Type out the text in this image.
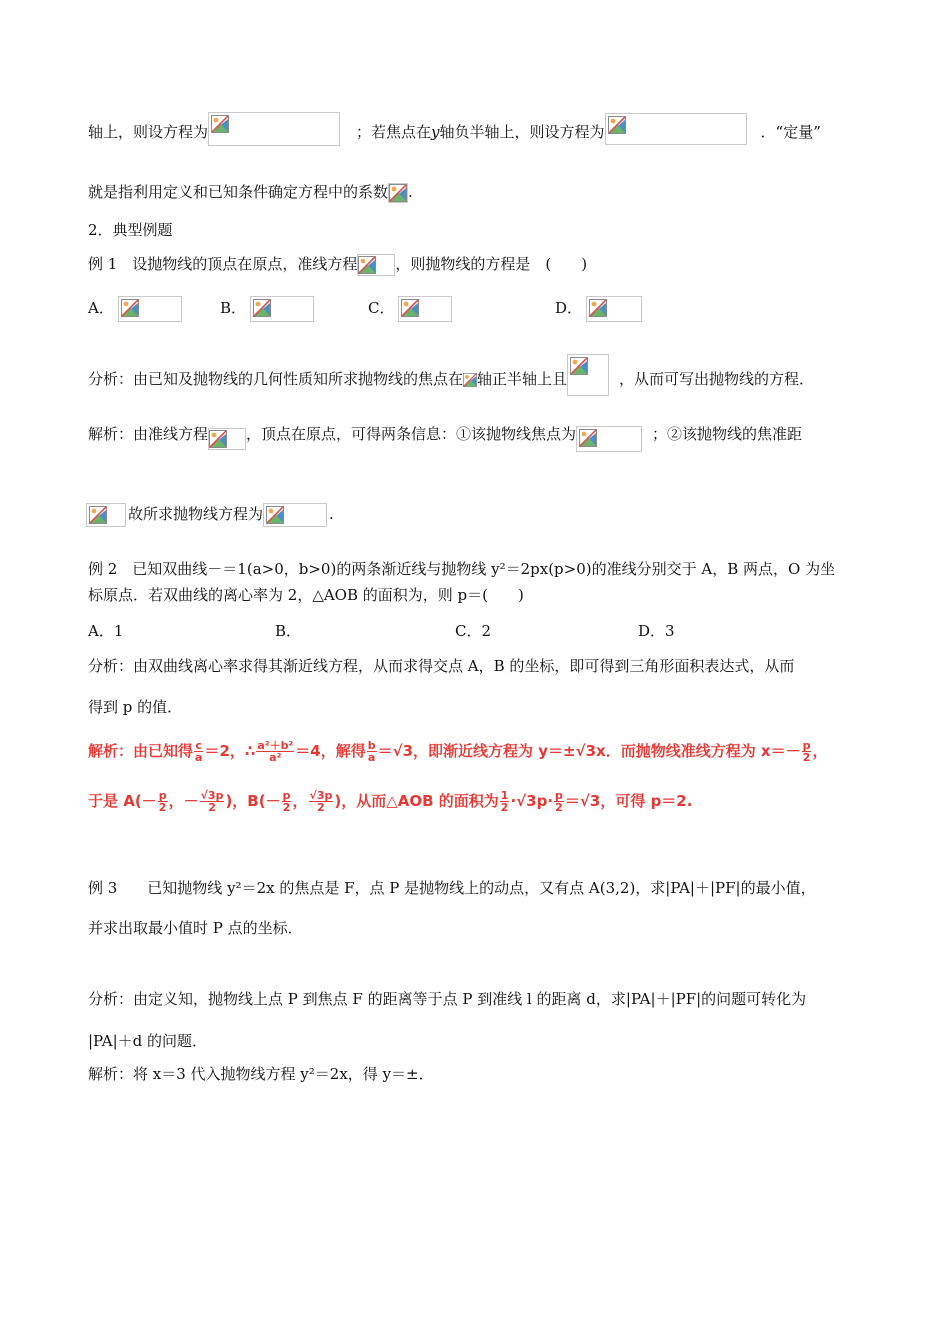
轴上，则设方程为	；若焦点在y轴负半轴上，则设方程为	．“定量”
就是指利用定义和已知条件确定方程中的系数 .
2．典型例题
例 1　设抛物线的顶点在原点，准线方程	，则抛物线的方程是　(　　)
A．	B．	C．	D．
分析：由已知及抛物线的几何性质知所求抛物线的焦点在 轴正半轴上且	，从而可写出抛物线的方程．
解析：由准线方程	，顶点在原点，可得两条信息：①该抛物线焦点为	；②该抛物线的焦准距
故所求抛物线方程为	.
例 2　已知双曲线－＝1(a>0，b>0)的两条渐近线与抛物线 y²＝2px(p>0)的准线分别交于 A，B 两点，O 为坐
标原点．若双曲线的离心率为 2，△AOB 的面积为，则 p＝(　　)
A．1	B．	C．2	D．3
分析：由双曲线离心率求得其渐近线方程，从而求得交点 A，B 的坐标，即可得到三角形面积表达式，从而
得到 p 的值．
解析：由已知得 $\frac{c}{a} =2$，∴ $\frac{\text{a²＋b²}}{\text{a²}} =4$，解得 $\frac{b}{a} =√3$，即渐近线方程为 y＝±√3x．而抛物线准线方程为 $x=- \frac{p}{2}$ ，
于是 $A(- \frac{p}{2}$ ，－ $\frac{√3p}{2}$ )，$B(- \frac{p}{2}$ ， $\frac{√3p}{2}$ )，从而△AOB 的面积为 $\frac{1}{2} \cdot√3p\cdot \frac{p}{2} =√3$，可得 p＝2.
例 3　　已知抛物线 y²＝2x 的焦点是 F，点 P 是抛物线上的动点，又有点 A(3,2)，求|PA|＋|PF|的最小值，
并求出取最小值时 P 点的坐标．
分析：由定义知，抛物线上点 P 到焦点 F 的距离等于点 P 到准线 l 的距离 d，求|PA|＋|PF|的问题可转化为
|PA|＋d 的问题．
解析：将 x＝3 代入抛物线方程 y²＝2x，得 y＝±．
